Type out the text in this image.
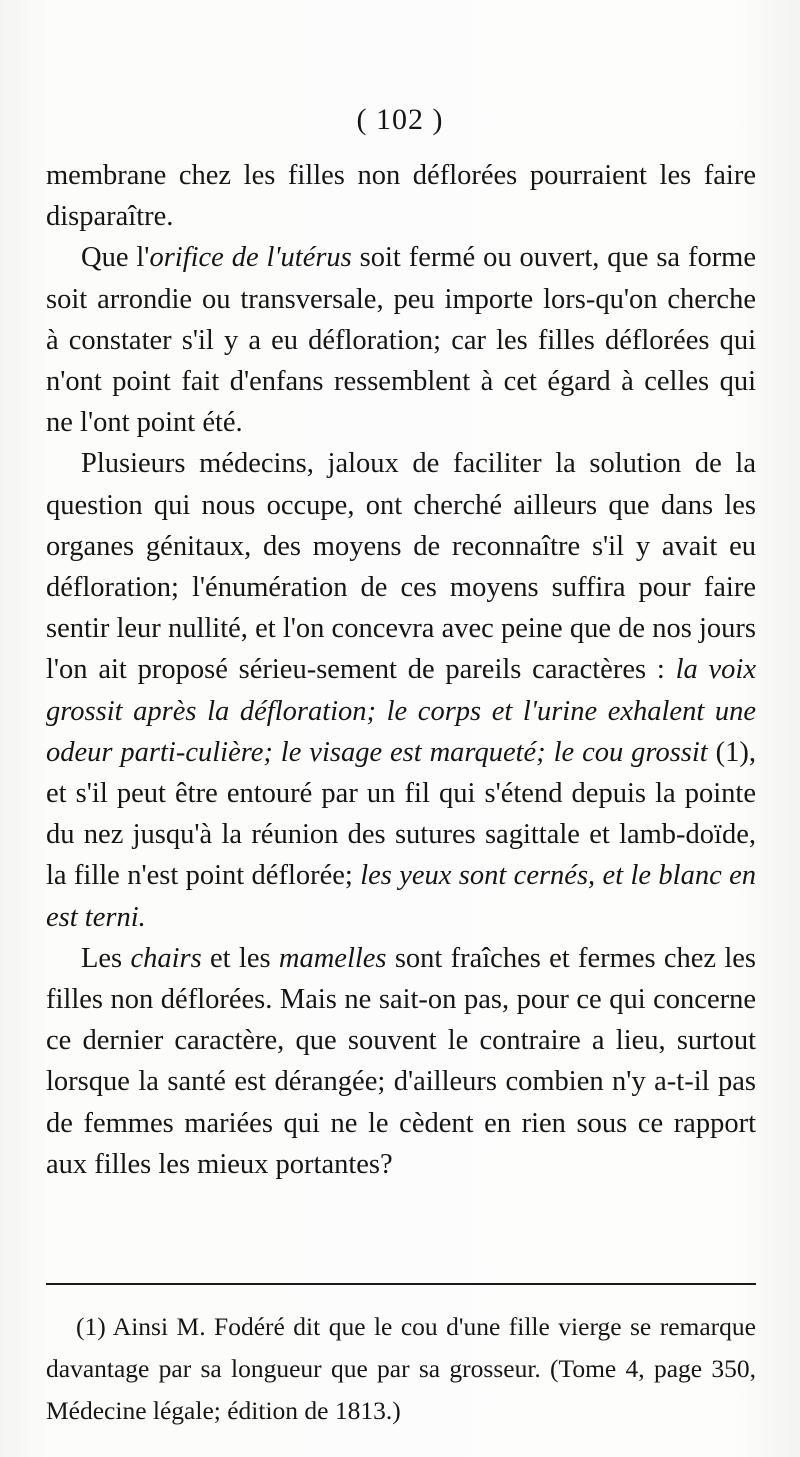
( 102 )

membrane chez les filles non déflorées pourraient les faire disparaître.

Que l'orifice de l'utérus soit fermé ou ouvert, que sa forme soit arrondie ou transversale, peu importe lors-qu'on cherche à constater s'il y a eu défloration; car les filles déflorées qui n'ont point fait d'enfans ressemblent à cet égard à celles qui ne l'ont point été.

Plusieurs médecins, jaloux de faciliter la solution de la question qui nous occupe, ont cherché ailleurs que dans les organes génitaux, des moyens de reconnaître s'il y avait eu défloration; l'énumération de ces moyens suffira pour faire sentir leur nullité, et l'on concevra avec peine que de nos jours l'on ait proposé sérieu-sement de pareils caractères : la voix grossit après la défloration; le corps et l'urine exhalent une odeur parti-culière; le visage est marqueté; le cou grossit (1), et s'il peut être entouré par un fil qui s'étend depuis la pointe du nez jusqu'à la réunion des sutures sagittale et lamb-doïde, la fille n'est point déflorée; les yeux sont cernés, et le blanc en est terni.

Les chairs et les mamelles sont fraîches et fermes chez les filles non déflorées. Mais ne sait-on pas, pour ce qui concerne ce dernier caractère, que souvent le contraire a lieu, surtout lorsque la santé est dérangée; d'ailleurs combien n'y a-t-il pas de femmes mariées qui ne le cèdent en rien sous ce rapport aux filles les mieux portantes?

(1) Ainsi M. Fodéré dit que le cou d'une fille vierge se remarque davantage par sa longueur que par sa grosseur. (Tome 4, page 350, Médecine légale; édition de 1813.)
